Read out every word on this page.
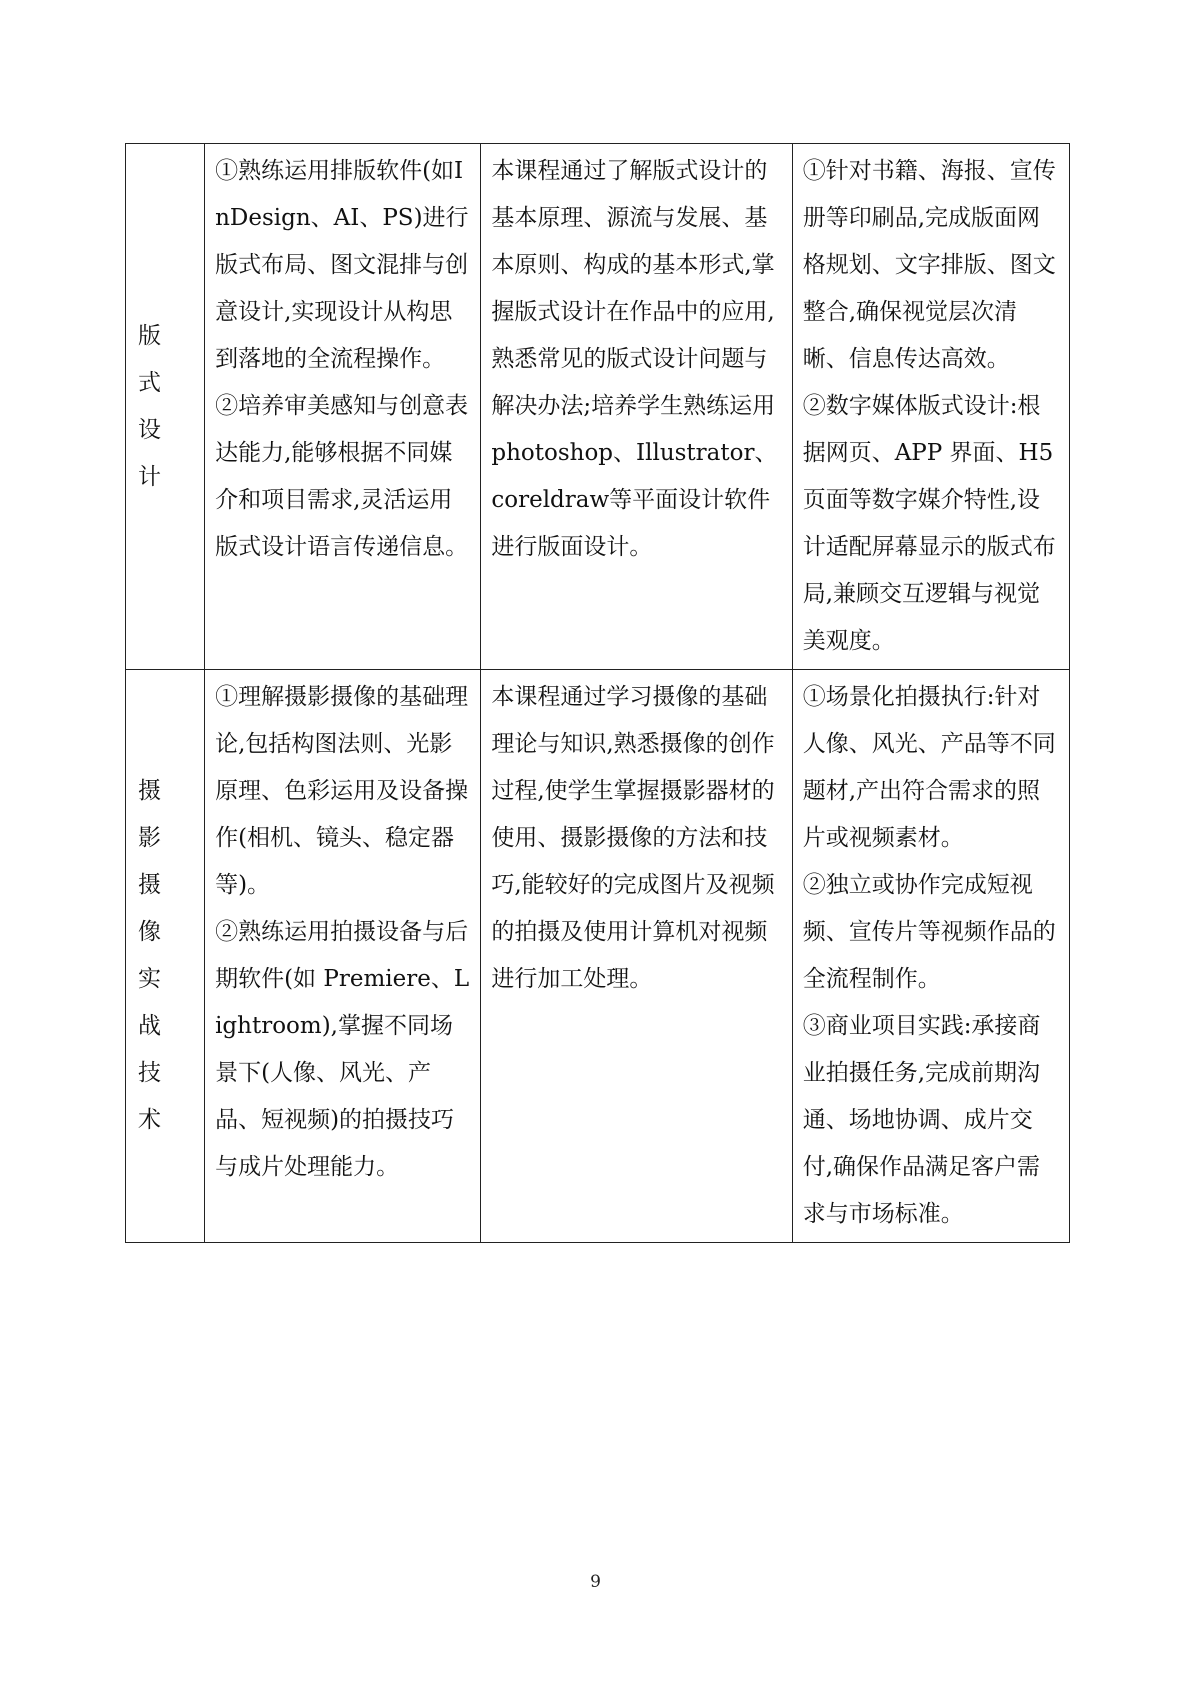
版式设计	①熟练运用排版软件(如InDesign、AI、PS)进行版式布局、图文混排与创意设计,实现设计从构思到落地的全流程操作。
②培养审美感知与创意表达能力,能够根据不同媒介和项目需求,灵活运用版式设计语言传递信息。	本课程通过了解版式设计的基本原理、源流与发展、基本原则、构成的基本形式,掌握版式设计在作品中的应用,熟悉常见的版式设计问题与解决办法;培养学生熟练运用photoshop、Illustrator、coreldraw等平面设计软件进行版面设计。	①针对书籍、海报、宣传册等印刷品,完成版面网格规划、文字排版、图文整合,确保视觉层次清晰、信息传达高效。
②数字媒体版式设计:根据网页、APP 界面、H5 页面等数字媒介特性,设计适配屏幕显示的版式布局,兼顾交互逻辑与视觉美观度。

摄影摄像实战技术	①理解摄影摄像的基础理论,包括构图法则、光影原理、色彩运用及设备操作(相机、镜头、稳定器等)。
②熟练运用拍摄设备与后期软件(如 Premiere、Lightroom),掌握不同场景下(人像、风光、产品、短视频)的拍摄技巧与成片处理能力。	本课程通过学习摄像的基础理论与知识,熟悉摄像的创作过程,使学生掌握摄影器材的使用、摄影摄像的方法和技巧,能较好的完成图片及视频的拍摄及使用计算机对视频进行加工处理。	①场景化拍摄执行:针对人像、风光、产品等不同题材,产出符合需求的照片或视频素材。
②独立或协作完成短视频、宣传片等视频作品的全流程制作。
③商业项目实践:承接商业拍摄任务,完成前期沟通、场地协调、成片交付,确保作品满足客户需求与市场标准。
9
